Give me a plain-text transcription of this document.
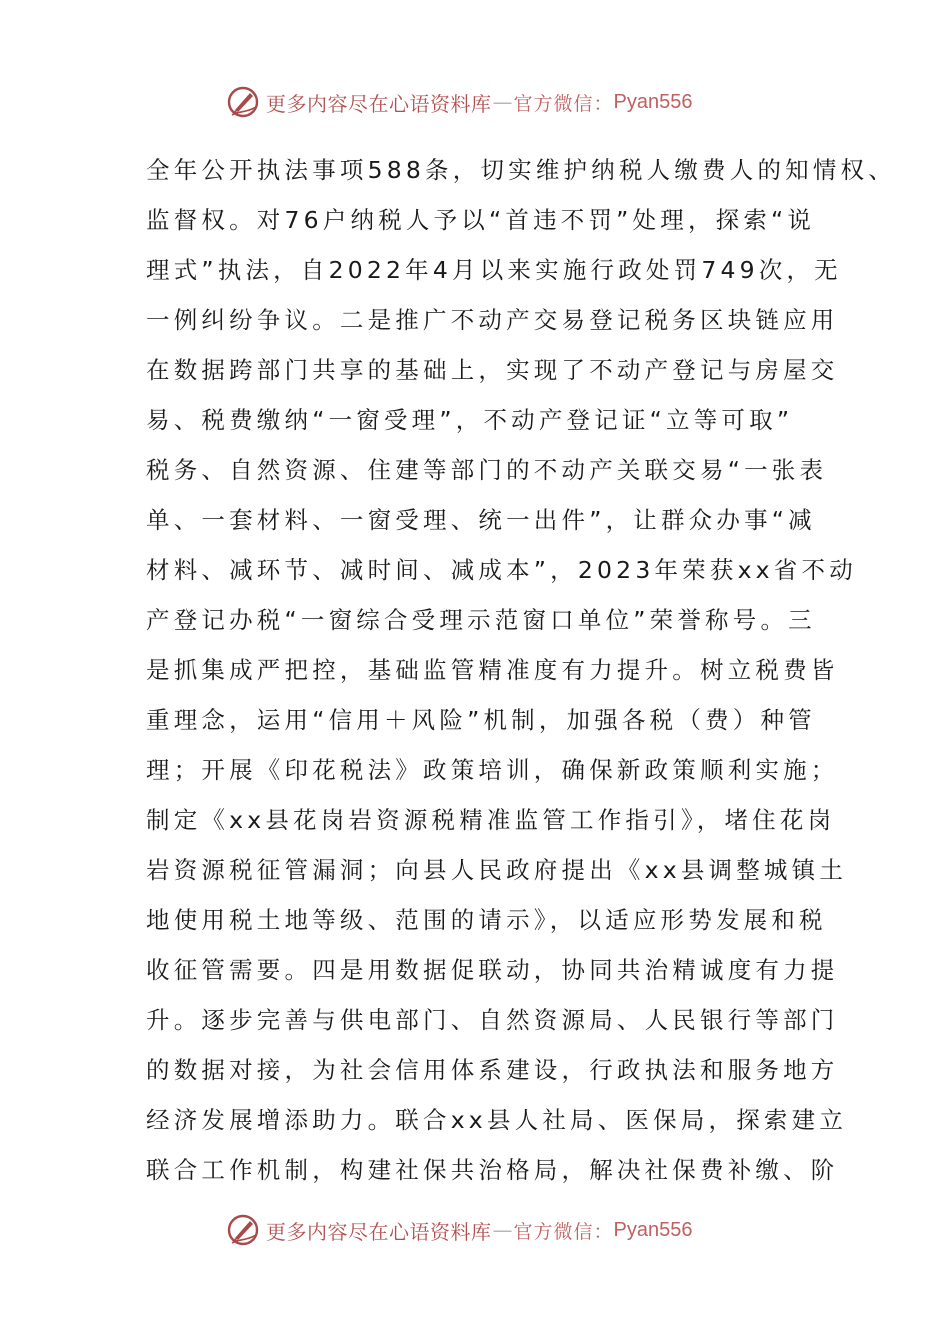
更多内容尽在心语资料库 — 官方微信： Pyan556
全年公开执法事项588条，切实维护纳税人缴费人的知情权、
监督权。对76户纳税人予以“首违不罚”处理，探索“说
理式”执法，自2022年4月以来实施行政处罚749次，无
一例纠纷争议。二是推广不动产交易登记税务区块链应用
在数据跨部门共享的基础上，实现了不动产登记与房屋交
易、税费缴纳“一窗受理”，不动产登记证“立等可取”
税务、自然资源、住建等部门的不动产关联交易“一张表
单、一套材料、一窗受理、统一出件”，让群众办事“减
材料、减环节、减时间、减成本”，2023年荣获xx省不动
产登记办税“一窗综合受理示范窗口单位”荣誉称号。三
是抓集成严把控，基础监管精准度有力提升。树立税费皆
重理念，运用“信用＋风险”机制，加强各税（费）种管
理；开展《印花税法》政策培训，确保新政策顺利实施；
制定《xx县花岗岩资源税精准监管工作指引》，堵住花岗
岩资源税征管漏洞；向县人民政府提出《xx县调整城镇土
地使用税土地等级、范围的请示》，以适应形势发展和税
收征管需要。四是用数据促联动，协同共治精诚度有力提
升。逐步完善与供电部门、自然资源局、人民银行等部门
的数据对接，为社会信用体系建设，行政执法和服务地方
经济发展增添助力。联合xx县人社局、医保局，探索建立
联合工作机制，构建社保共治格局，解决社保费补缴、阶
更多内容尽在心语资料库 — 官方微信： Pyan556
